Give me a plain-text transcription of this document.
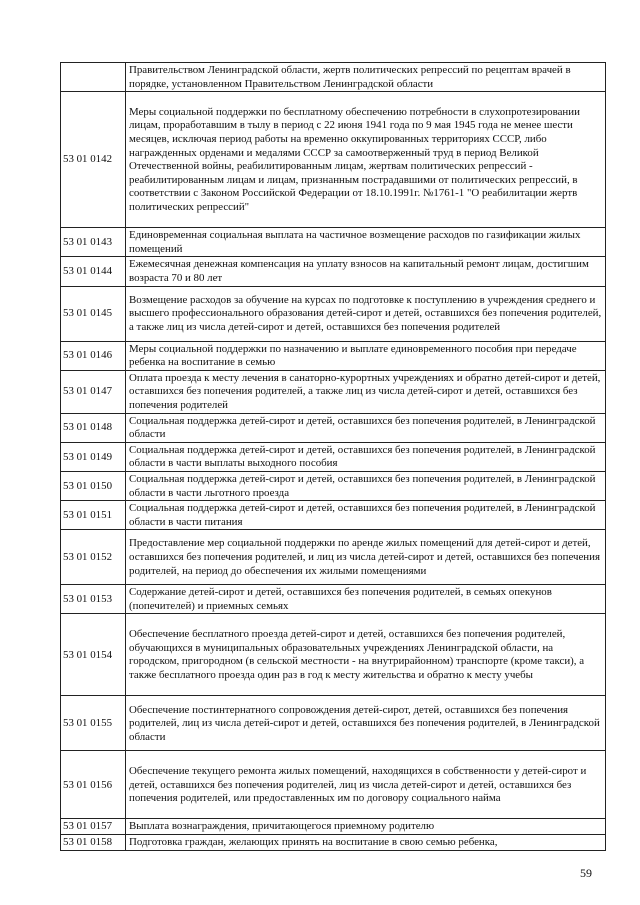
	Правительством Ленинградской области, жертв политических репрессий по рецептам врачей в порядке, установленном Правительством Ленинградской области
53 01 0142	Меры социальной поддержки по бесплатному обеспечению потребности в слухопротезировании лицам, проработавшим в тылу в период с 22 июня 1941 года по 9 мая 1945 года не менее шести месяцев, исключая период работы на временно оккупированных территориях СССР, либо награжденных орденами и медалями СССР за самоотверженный труд в период Великой Отечественной войны, реабилитированным лицам, жертвам политических репрессий - реабилитированным лицам и лицам, признанным пострадавшими от политических репрессий, в соответствии с Законом Российской Федерации от 18.10.1991г. №1761-1 "О реабилитации жертв политических репрессий"
53 01 0143	Единовременная социальная выплата на частичное возмещение расходов по газификации жилых помещений
53 01 0144	Ежемесячная денежная компенсация на уплату взносов на капитальный ремонт лицам, достигшим возраста 70 и 80 лет
53 01 0145	Возмещение расходов за обучение на курсах по подготовке к поступлению в учреждения среднего и высшего профессионального образования детей-сирот и детей, оставшихся без попечения родителей, а также лиц из числа детей-сирот и детей, оставшихся без попечения родителей
53 01 0146	Меры социальной поддержки по назначению и выплате единовременного пособия при передаче ребенка на воспитание в семью
53 01 0147	Оплата проезда к месту лечения в санаторно-курортных учреждениях и обратно детей-сирот и детей, оставшихся без попечения родителей, а также лиц из числа детей-сирот и детей, оставшихся без попечения родителей
53 01 0148	Социальная поддержка детей-сирот и детей, оставшихся без попечения родителей, в Ленинградской области
53 01 0149	Социальная поддержка детей-сирот и детей, оставшихся без попечения родителей, в Ленинградской области в части выплаты выходного пособия
53 01 0150	Социальная поддержка детей-сирот и детей, оставшихся без попечения родителей, в Ленинградской области в части льготного проезда
53 01 0151	Социальная поддержка детей-сирот и детей, оставшихся без попечения родителей, в Ленинградской области в части питания
53 01 0152	Предоставление мер социальной поддержки по аренде жилых помещений для детей-сирот и детей, оставшихся без попечения родителей, и лиц из числа детей-сирот и детей, оставшихся без попечения родителей, на период до обеспечения их жилыми помещениями
53 01 0153	Содержание детей-сирот и детей, оставшихся без попечения родителей, в семьях опекунов (попечителей) и приемных семьях
53 01 0154	Обеспечение бесплатного проезда детей-сирот и детей, оставшихся без попечения родителей, обучающихся в муниципальных образовательных учреждениях Ленинградской области, на городском, пригородном (в сельской местности - на внутрирайонном) транспорте (кроме такси), а также бесплатного проезда один раз в год к месту жительства и обратно к месту учебы
53 01 0155	Обеспечение постинтернатного сопровождения детей-сирот, детей, оставшихся без попечения родителей, лиц из числа детей-сирот и детей, оставшихся без попечения родителей, в Ленинградской области
53 01 0156	Обеспечение текущего ремонта жилых помещений, находящихся в собственности у детей-сирот и детей, оставшихся без попечения родителей, лиц из числа детей-сирот и детей, оставшихся без попечения родителей, или предоставленных им по договору социального найма
53 01 0157	Выплата вознаграждения, причитающегося приемному родителю
53 01 0158	Подготовка граждан, желающих принять на воспитание в свою семью ребенка,
59
